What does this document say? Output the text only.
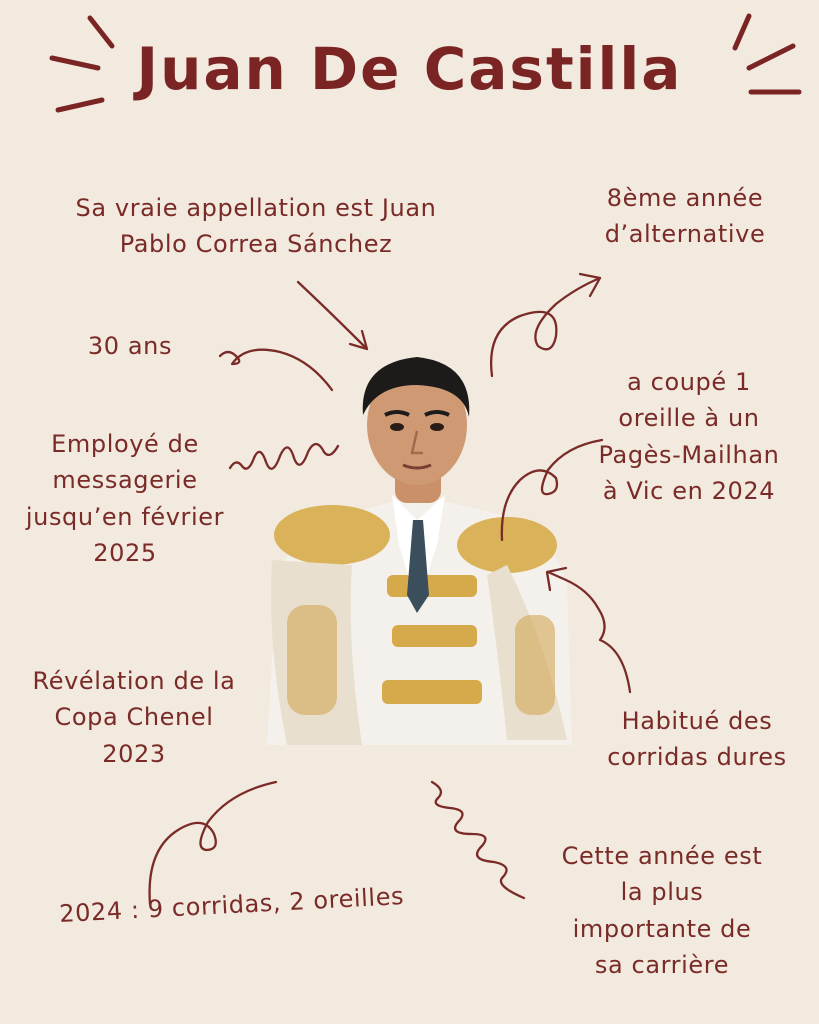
Juan De Castilla
Sa vraie appellation est Juan
Pablo Correa Sánchez
8ème année
d’alternative
30 ans
a coupé 1
oreille à un
Pagès-Mailhan
à Vic en 2024
Employé de
messagerie
jusqu’en février
2025
Révélation de la
Copa Chenel
2023
Habitué des
corridas dures
2024 : 9 corridas, 2 oreilles
Cette année est
la plus
importante de
sa carrière
